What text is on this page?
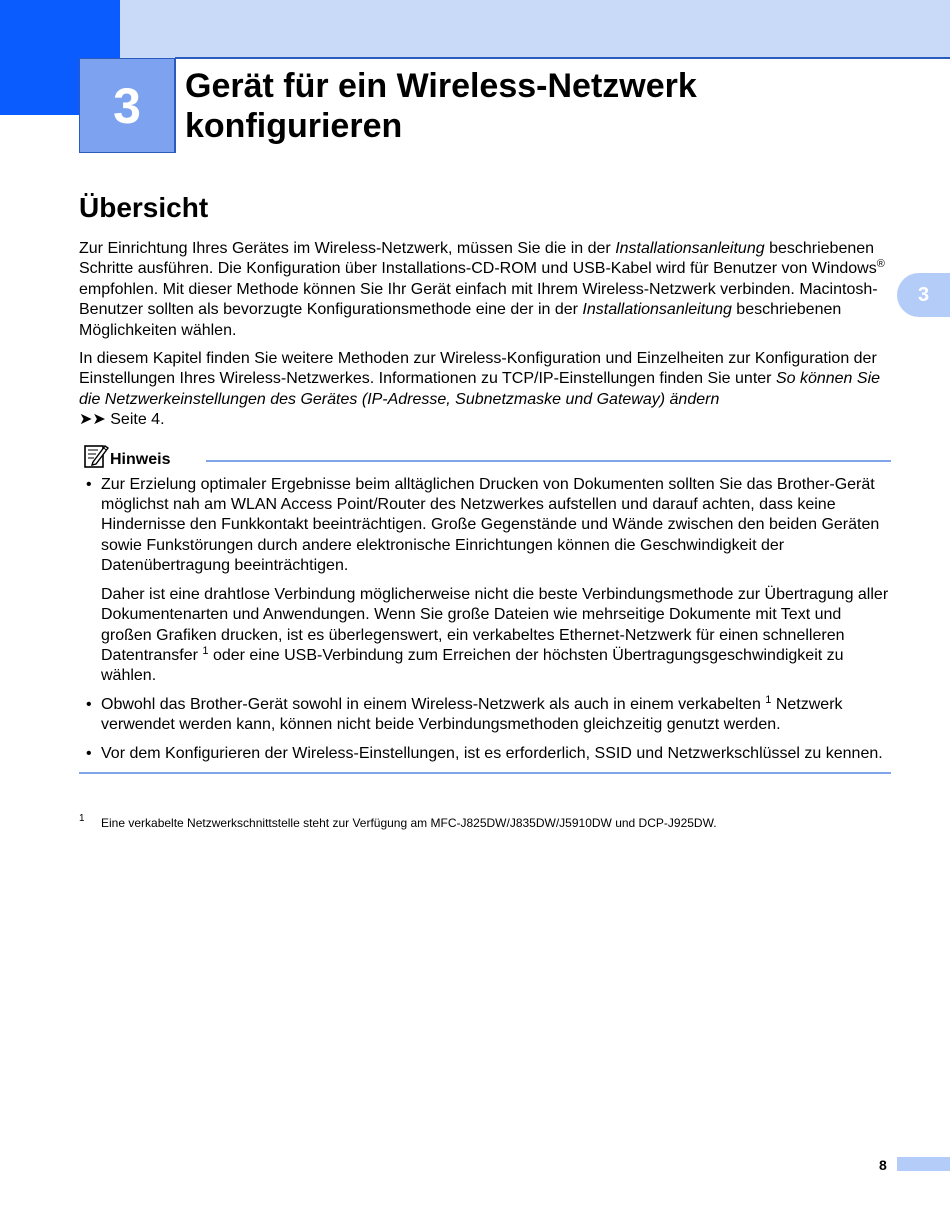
3 Gerät für ein Wireless-Netzwerk
konfigurieren
3
Übersicht

Zur Einrichtung Ihres Gerätes im Wireless-Netzwerk, müssen Sie die in der Installationsanleitung beschriebenen Schritte ausführen. Die Konfiguration über Installations-CD-ROM und USB-Kabel wird für Benutzer von Windows® empfohlen. Mit dieser Methode können Sie Ihr Gerät einfach mit Ihrem Wireless-Netzwerk verbinden. Macintosh-Benutzer sollten als bevorzugte Konfigurationsmethode eine der in der Installationsanleitung beschriebenen Möglichkeiten wählen.

In diesem Kapitel finden Sie weitere Methoden zur Wireless-Konfiguration und Einzelheiten zur Konfiguration der Einstellungen Ihres Wireless-Netzwerkes. Informationen zu TCP/IP-Einstellungen finden Sie unter So können Sie die Netzwerkeinstellungen des Gerätes (IP-Adresse, Subnetzmaske und Gateway) ändern
➤➤ Seite 4.

Hinweis
• Zur Erzielung optimaler Ergebnisse beim alltäglichen Drucken von Dokumenten sollten Sie das Brother-Gerät möglichst nah am WLAN Access Point/Router des Netzwerkes aufstellen und darauf achten, dass keine Hindernisse den Funkkontakt beeinträchtigen. Große Gegenstände und Wände zwischen den beiden Geräten sowie Funkstörungen durch andere elektronische Einrichtungen können die Geschwindigkeit der Datenübertragung beeinträchtigen.

Daher ist eine drahtlose Verbindung möglicherweise nicht die beste Verbindungsmethode zur Übertragung aller Dokumentenarten und Anwendungen. Wenn Sie große Dateien wie mehrseitige Dokumente mit Text und großen Grafiken drucken, ist es überlegenswert, ein verkabeltes Ethernet-Netzwerk für einen schnelleren Datentransfer $^1$ oder eine USB-Verbindung zum Erreichen der höchsten Übertragungsgeschwindigkeit zu wählen.

• Obwohl das Brother-Gerät sowohl in einem Wireless-Netzwerk als auch in einem verkabelten $^1$ Netzwerk verwendet werden kann, können nicht beide Verbindungsmethoden gleichzeitig genutzt werden.
• Vor dem Konfigurieren der Wireless-Einstellungen, ist es erforderlich, SSID und Netzwerkschlüssel zu kennen.
1 Eine verkabelte Netzwerkschnittstelle steht zur Verfügung am MFC-J825DW/J835DW/J5910DW und DCP-J925DW.
8
